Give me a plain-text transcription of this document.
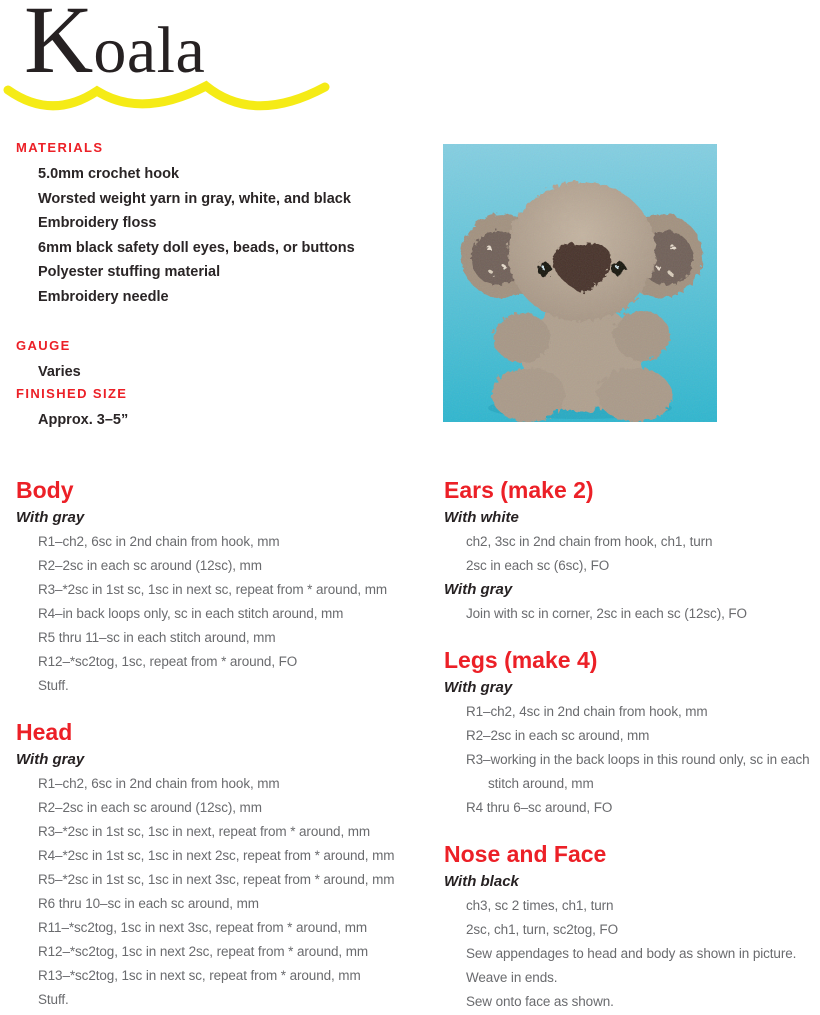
Koala
MATERIALS
5.0mm crochet hook
Worsted weight yarn in gray, white, and black
Embroidery floss
6mm black safety doll eyes, beads, or buttons
Polyester stuffing material
Embroidery needle
GAUGE

Varies

FINISHED SIZE

Approx. 3–5”

Body

With gray

R1–ch2, 6sc in 2nd chain from hook, mm

R2–2sc in each sc around (12sc), mm

R3–*2sc in 1st sc, 1sc in next sc, repeat from * around, mm

R4–in back loops only, sc in each stitch around, mm

R5 thru 11–sc in each stitch around, mm

R12–*sc2tog, 1sc, repeat from * around, FO

Stuff.

Head

With gray

R1–ch2, 6sc in 2nd chain from hook, mm

R2–2sc in each sc around (12sc), mm

R3–*2sc in 1st sc, 1sc in next, repeat from * around, mm

R4–*2sc in 1st sc, 1sc in next 2sc, repeat from * around, mm

R5–*2sc in 1st sc, 1sc in next 3sc, repeat from * around, mm

R6 thru 10–sc in each sc around, mm

R11–*sc2tog, 1sc in next 3sc, repeat from * around, mm

R12–*sc2tog, 1sc in next 2sc, repeat from * around, mm

R13–*sc2tog, 1sc in next sc, repeat from * around, mm

Stuff.

Ears (make 2)

With white

ch2, 3sc in 2nd chain from hook, ch1, turn

2sc in each sc (6sc), FO

With gray

Join with sc in corner, 2sc in each sc (12sc), FO

Legs (make 4)

With gray

R1–ch2, 4sc in 2nd chain from hook, mm

R2–2sc in each sc around, mm

R3–working in the back loops in this round only, sc in each stitch around, mm

R4 thru 6–sc around, FO

Nose and Face

With black

ch3, sc 2 times, ch1, turn

2sc, ch1, turn, sc2tog, FO

Sew appendages to head and body as shown in picture.

Weave in ends.

Sew onto face as shown.
